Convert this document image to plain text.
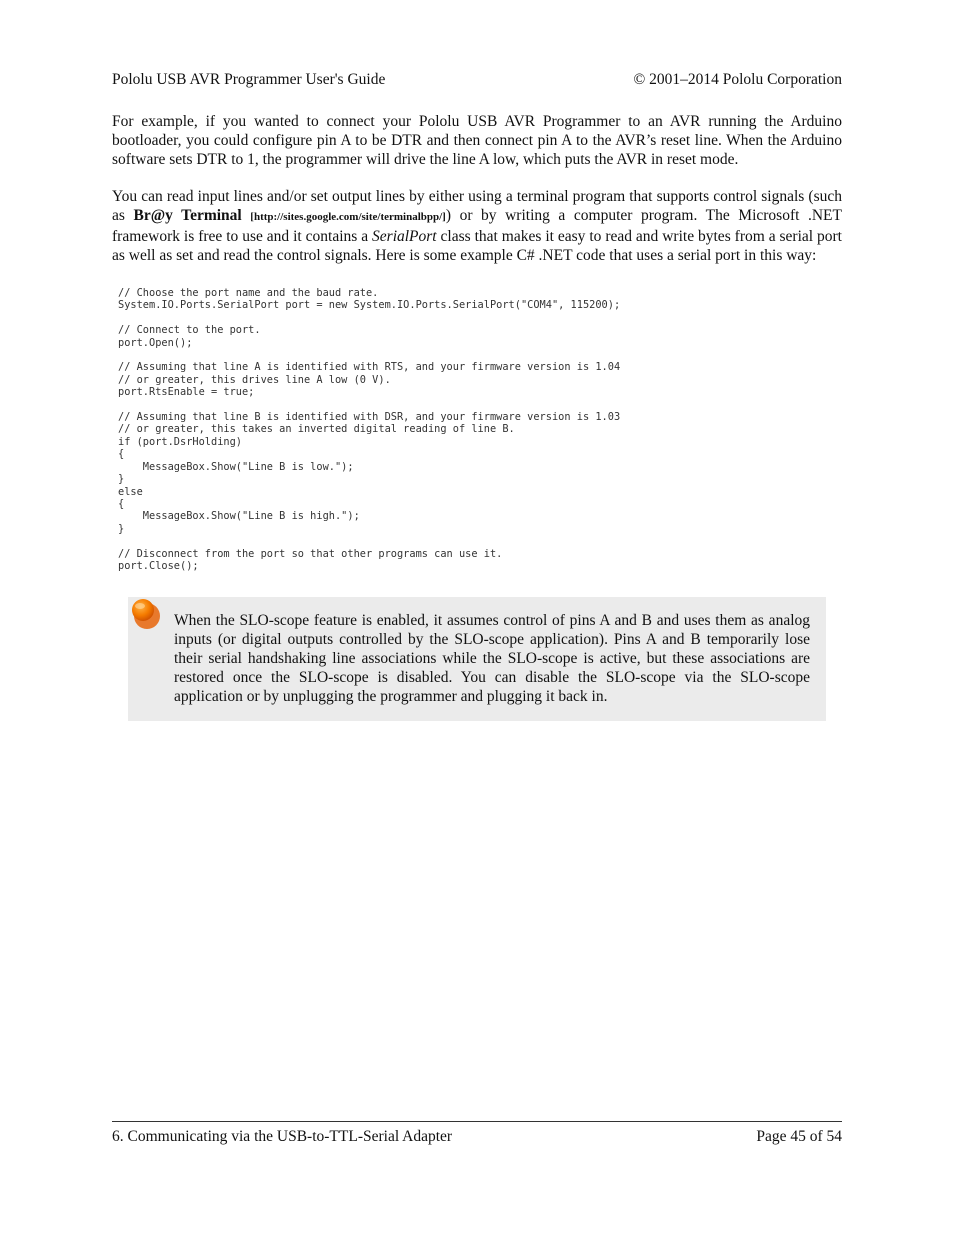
Pololu USB AVR Programmer User's Guide	© 2001–2014 Pololu Corporation

For example, if you wanted to connect your Pololu USB AVR Programmer to an AVR running the Arduino bootloader, you could configure pin A to be DTR and then connect pin A to the AVR’s reset line. When the Arduino software sets DTR to 1, the programmer will drive the line A low, which puts the AVR in reset mode.

You can read input lines and/or set output lines by either using a terminal program that supports control signals (such as Br@y Terminal [http://sites.google.com/site/terminalbpp/]) or by writing a computer program. The Microsoft .NET framework is free to use and it contains a SerialPort class that makes it easy to read and write bytes from a serial port as well as set and read the control signals. Here is some example C# .NET code that uses a serial port in this way:

// Choose the port name and the baud rate.
System.IO.Ports.SerialPort port = new System.IO.Ports.SerialPort("COM4", 115200);

// Connect to the port.
port.Open();

// Assuming that line A is identified with RTS, and your firmware version is 1.04
// or greater, this drives line A low (0 V).
port.RtsEnable = true;

// Assuming that line B is identified with DSR, and your firmware version is 1.03
// or greater, this takes an inverted digital reading of line B.
if (port.DsrHolding)
{
MessageBox.Show("Line B is low.");
}
else
{
MessageBox.Show("Line B is high.");
}

// Disconnect from the port so that other programs can use it.
port.Close();

When the SLO-scope feature is enabled, it assumes control of pins A and B and uses them as analog inputs (or digital outputs controlled by the SLO-scope application). Pins A and B temporarily lose their serial handshaking line associations while the SLO-scope is active, but these associations are restored once the SLO-scope is disabled. You can disable the SLO-scope via the SLO-scope application or by unplugging the programmer and plugging it back in.

6. Communicating via the USB-to-TTL-Serial Adapter	Page 45 of 54
